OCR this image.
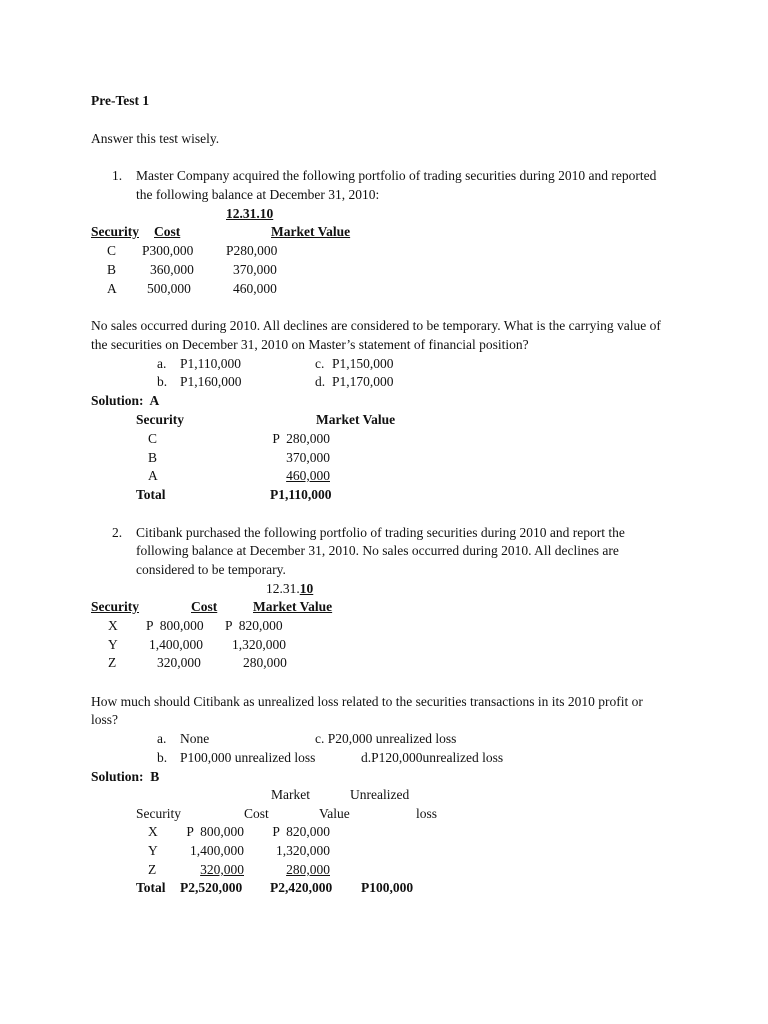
Pre-Test 1
Answer this test wisely.
1. Master Company acquired the following portfolio of trading securities during 2010 and reported
the following balance at December 31, 2010:
12.31.10
Security Cost	Market Value
C P300,000 P280,000
B	360,000	370,000
A 500,000	460,000
No sales occurred during 2010. All declines are considered to be temporary. What is the carrying value of
the securities on December 31, 2010 on Master’s statement of financial position?
a. P1,110,000	c. P1,150,000
b. P1,160,000	d. P1,170,000
Solution:  A
Security	Market Value
C	P  280,000
B	370,000
A	460,000
Total	P1,110,000
2. Citibank purchased the following portfolio of trading securities during 2010 and report the
following balance at December 31, 2010. No sales occurred during 2010. All declines are
considered to be temporary.
12.31.10
Security	Cost	Market Value
X P  800,000 P  820,000
Y 1,400,000 1,320,000
Z	320,000	280,000
How much should Citibank as unrealized loss related to the securities transactions in its 2010 profit or
loss?
a. None	c. P20,000 unrealized loss
b. P100,000 unrealized loss	d.P120,000unrealized loss
Solution:  B
Market	Unrealized
Security	Cost	Value	loss
X	P  800,000	P  820,000
Y	1,400,000	1,320,000
Z	320,000	280,000
Total P2,520,000 P2,420,000 P100,000
